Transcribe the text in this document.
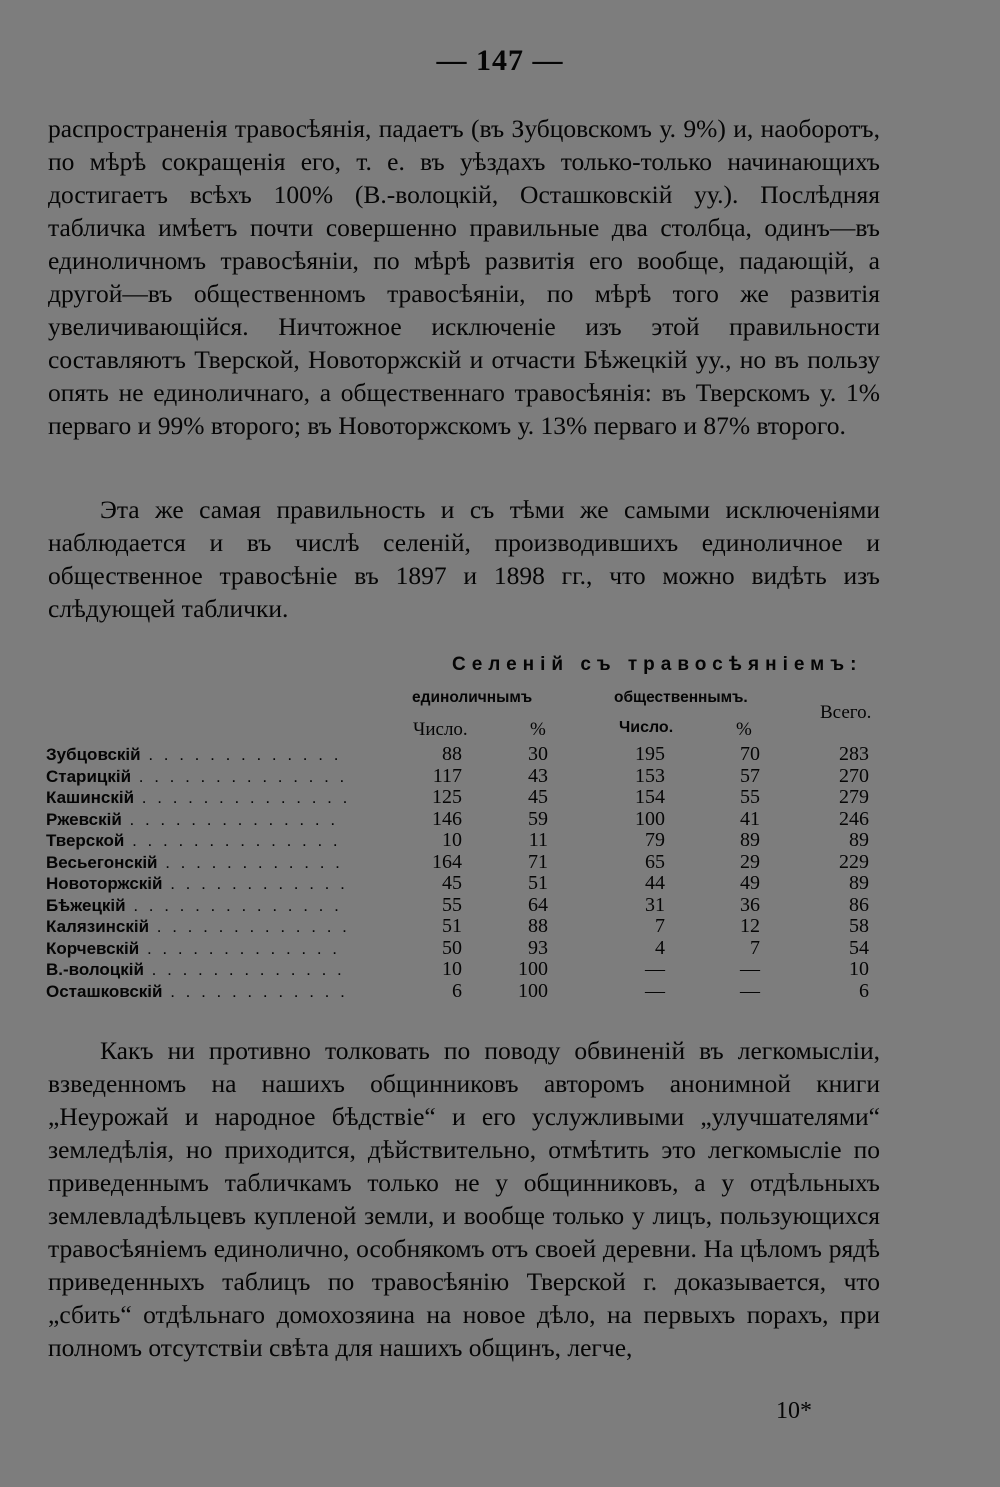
— 147 —

распространенія травосѣянія, падаетъ (въ Зубцовскомъ у. 9%) и, наоборотъ, по мѣрѣ сокращенія его, т. е. въ уѣздахъ только-только начинающихъ достигаетъ всѣхъ 100% (В.-волоцкій, Осташковскій уу.). Послѣдняя табличка имѣетъ почти совершенно правильные два столбца, одинъ—въ единоличномъ травосѣяніи, по мѣрѣ развитія его вообще, падающій, а другой—въ общественномъ травосѣяніи, по мѣрѣ того же развитія увеличивающійся. Ничтожное исключеніе изъ этой правильности составляютъ Тверской, Новоторжскій и отчасти Бѣжецкій уу., но въ пользу опять не единоличнаго, а общественнаго травосѣянія: въ Тверскомъ у. 1% перваго и 99% второго; въ Новоторжскомъ у. 13% перваго и 87% второго.

Эта же самая правильность и съ тѣми же самыми исключеніями наблюдается и въ числѣ селеній, производившихъ единоличное и общественное травосѣніе въ 1897 и 1898 гг., что можно видѣть изъ слѣдующей таблички.

Селеній съ травосѣяніемъ:
единоличнымъ	общественнымъ.
Всего.
Число.	%	Число.	%
Зубцовскій . . .	88	30	195	70	283
Старицкій . . .	117	43	153	57	270
Кашинскій . . .	125	45	154	55	279
Ржевскій . . .	146	59	100	41	246
Тверской . . .	10	11	79	89	89
Весьегонскій . . .	164	71	65	29	229
Новоторжскій . . .	45	51	44	49	89
Бѣжецкій . . .	55	64	31	36	86
Калязинскій . . .	51	88	7	12	58
Корчевскій . . .	50	93	4	7	54
В.-волоцкій . . .	10	100	—	—	10
Осташковскій . . .	6	100	—	—	6

Какъ ни противно толковать по поводу обвиненій въ легкомысліи, взведенномъ на нашихъ общинниковъ авторомъ анонимной книги „Неурожай и народное бѣдствіе“ и его услужливыми „улучшателями“ земледѣлія, но приходится, дѣйствительно, отмѣтить это легкомысліе по приведеннымъ табличкамъ только не у общинниковъ, а у отдѣльныхъ землевладѣльцевъ купленой земли, и вообще только у лицъ, пользующихся травосѣяніемъ единолично, особнякомъ отъ своей деревни. На цѣломъ рядѣ приведенныхъ таблицъ по травосѣянію Тверской г. доказывается, что „сбить“ отдѣльнаго домохозяина на новое дѣло, на первыхъ порахъ, при полномъ отсутствіи свѣта для нашихъ общинъ, легче,

10*
